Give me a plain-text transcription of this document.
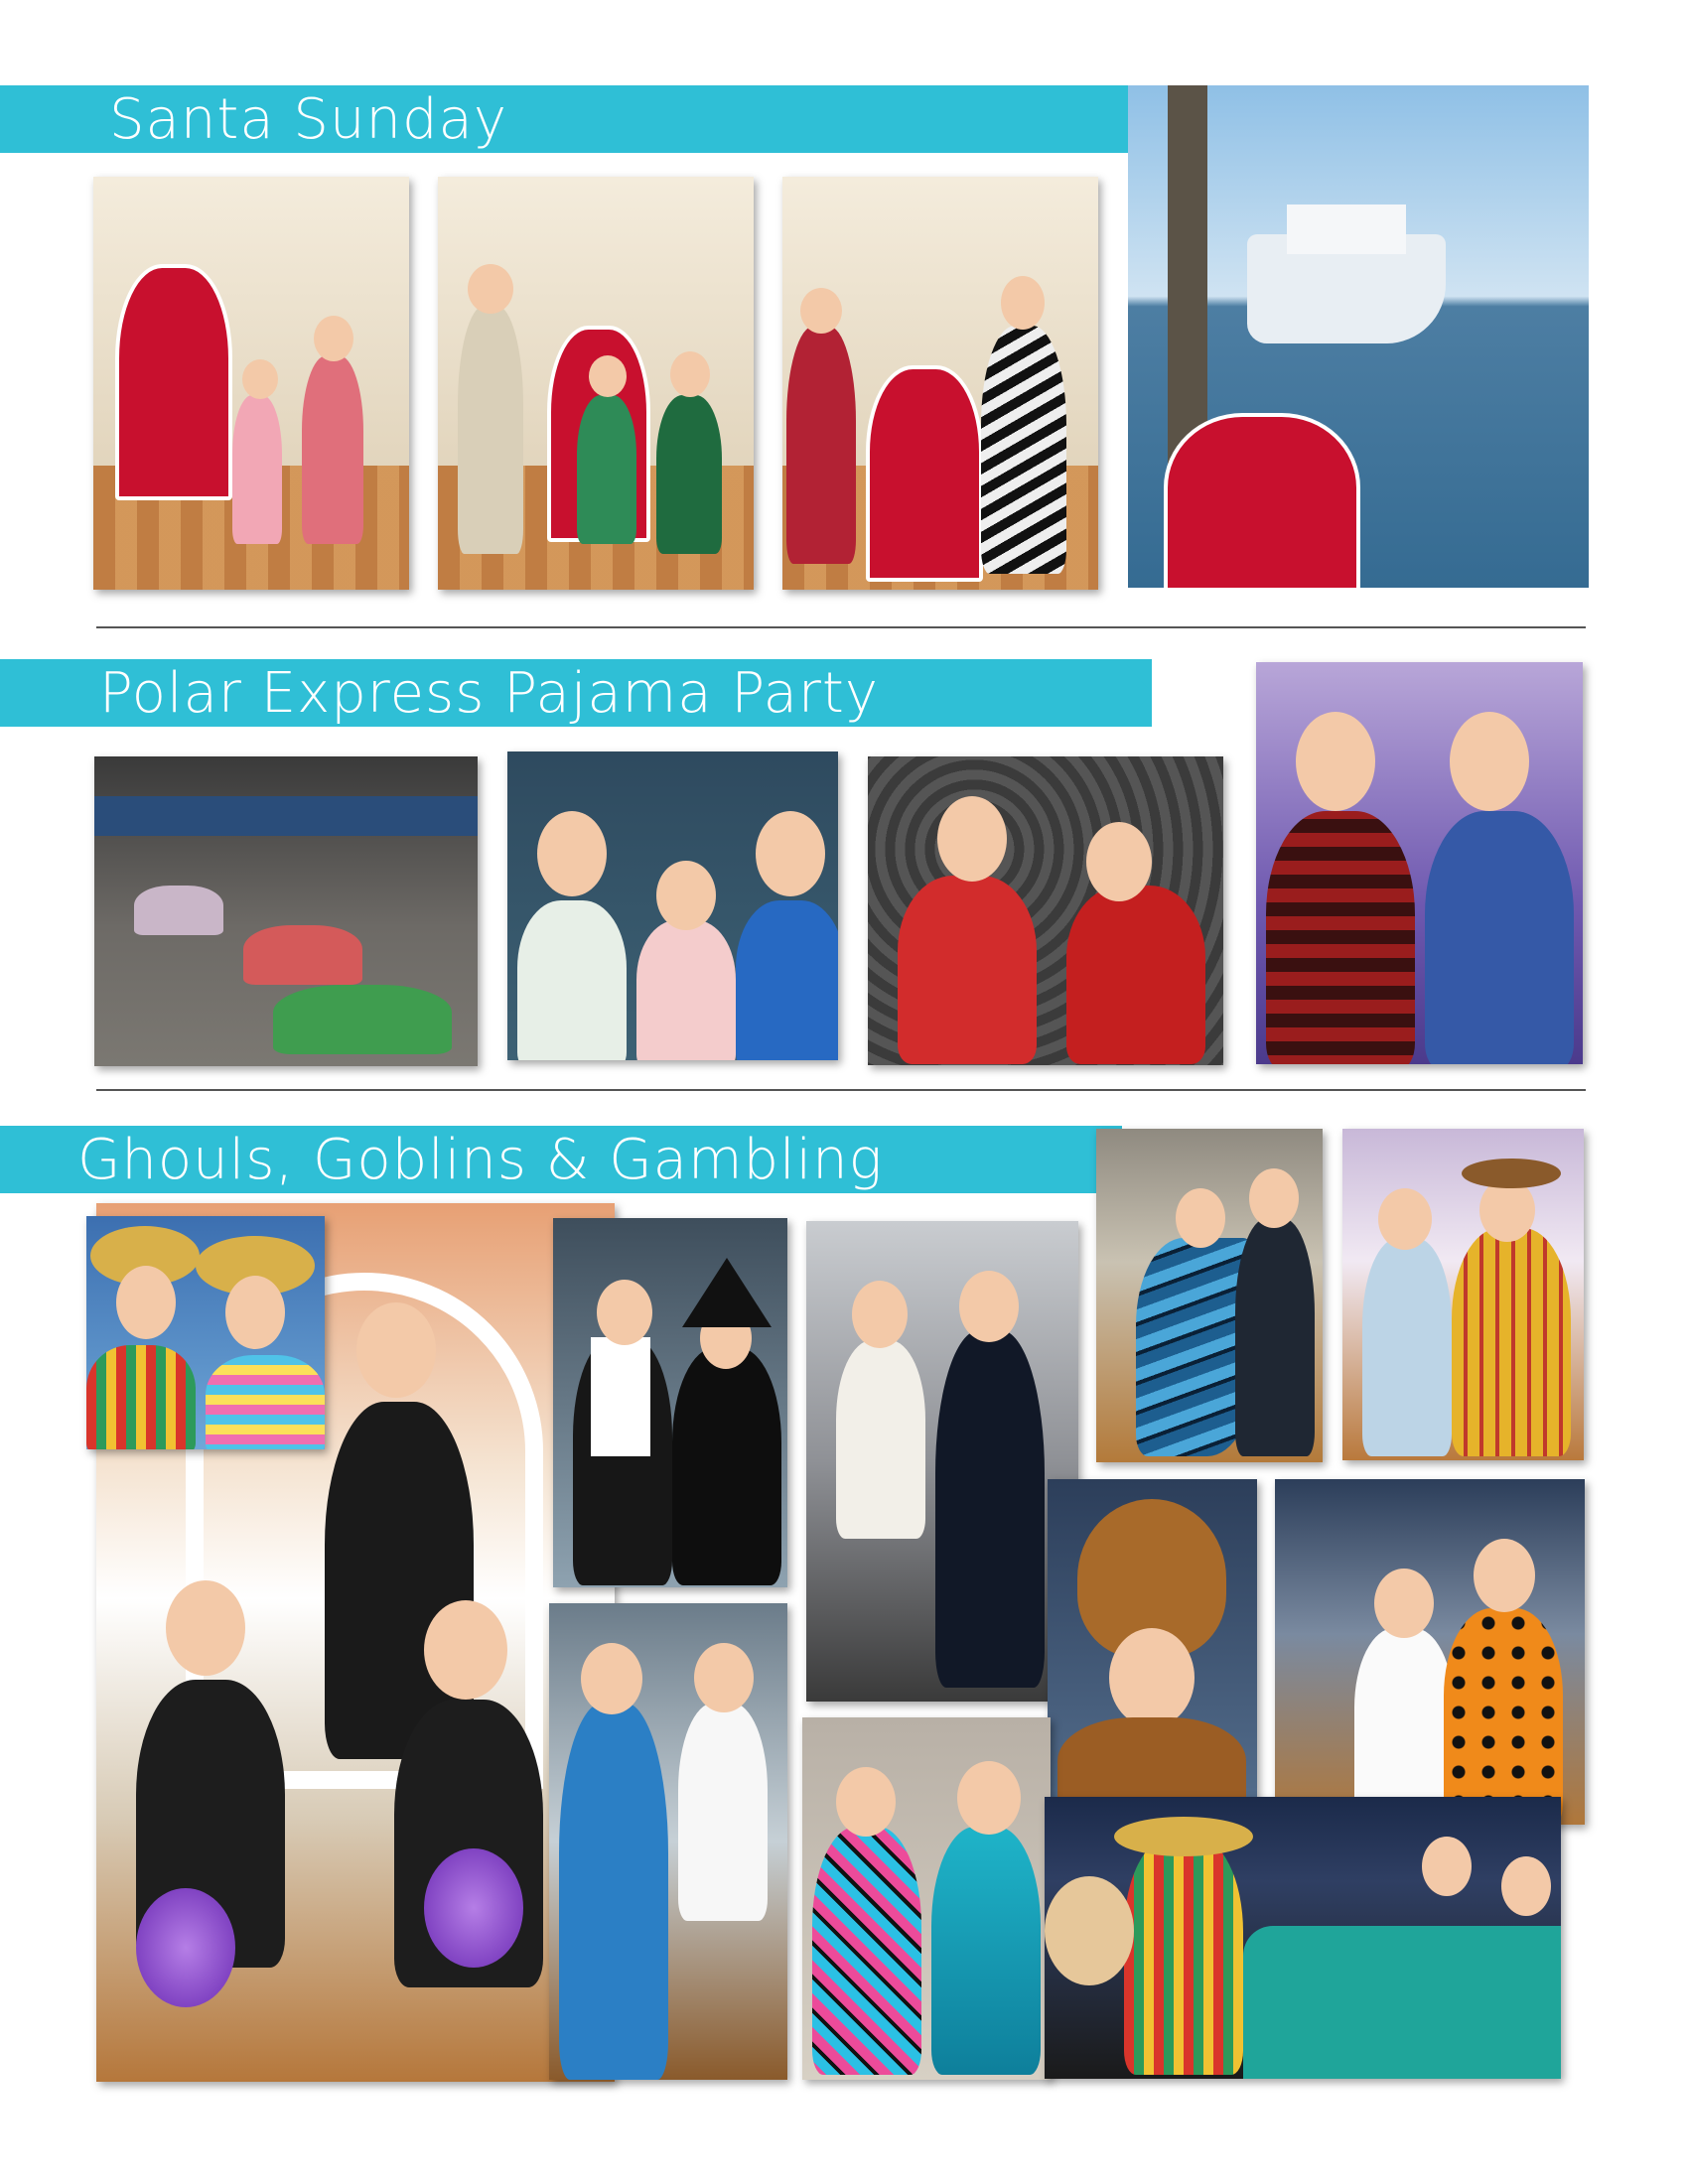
Santa Sunday
Polar Express Pajama Party
Ghouls, Goblins & Gambling
